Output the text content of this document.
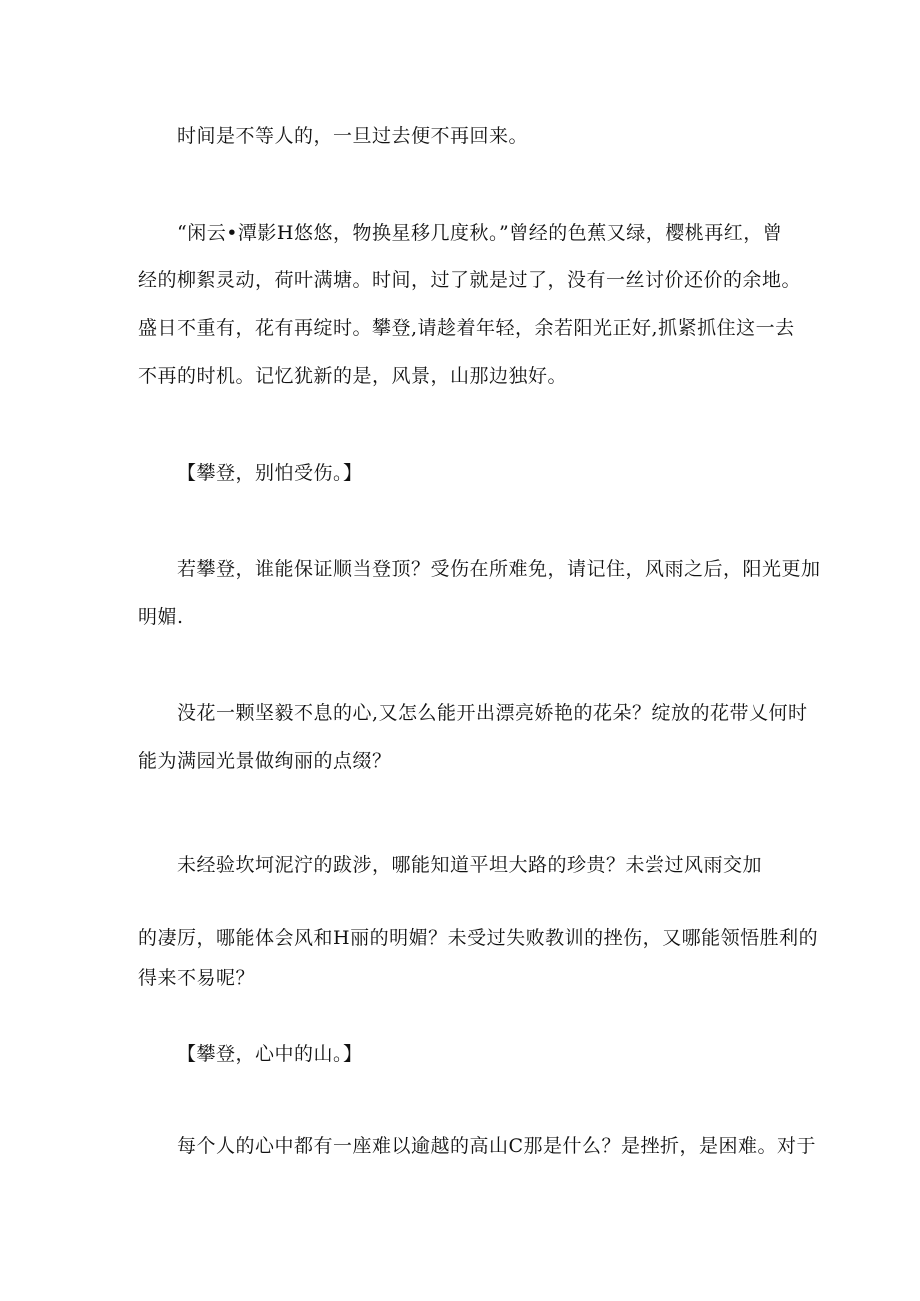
时间是不等人的，一旦过去便不再回来。
“闲云•潭影H悠悠，物换星移几度秋。”曾经的色蕉又绿，樱桃再红，曾
经的柳絮灵动，荷叶满塘。时间，过了就是过了，没有一丝讨价还价的余地。
盛日不重有，花有再绽时。攀登,请趁着年轻，余若阳光正好,抓紧抓住这一去
不再的时机。记忆犹新的是，风景，山那边独好。
【攀登，别怕受伤。】
若攀登，谁能保证顺当登顶？受伤在所难免，请记住，风雨之后，阳光更加
明媚.
没花一颗坚毅不息的心,又怎么能开出漂亮娇艳的花朵？绽放的花带乂何时
能为满园光景做绚丽的点缀？
未经验坎坷泥泞的跋涉，哪能知道平坦大路的珍贵？未尝过风雨交加
的凄厉，哪能体会风和H丽的明媚？未受过失败教训的挫伤，又哪能领悟胜利的
得来不易呢？
【攀登，心中的山。】
每个人的心中都有一座难以逾越的高山C那是什么？是挫折，是困难。对于
